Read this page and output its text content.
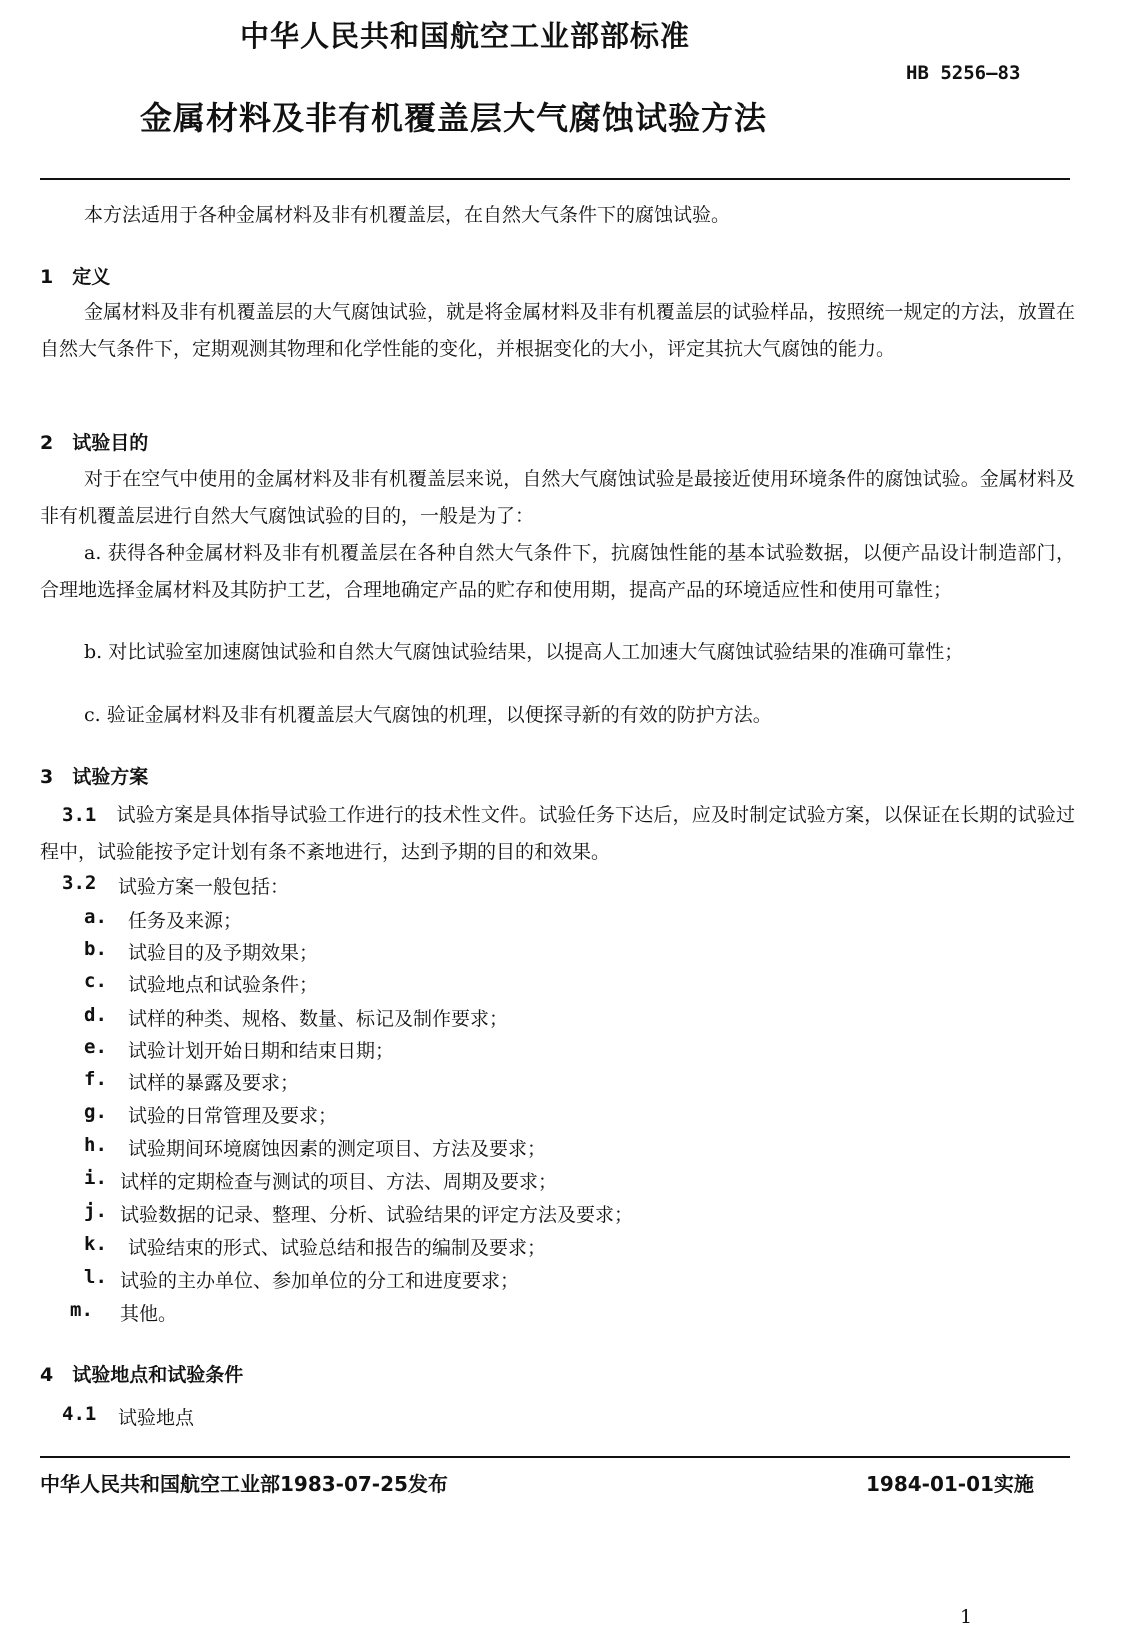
中华人民共和国航空工业部部标准
HB 5256—83
金属材料及非有机覆盖层大气腐蚀试验方法
本方法适用于各种金属材料及非有机覆盖层，在自然大气条件下的腐蚀试验。
1　定义
金属材料及非有机覆盖层的大气腐蚀试验，就是将金属材料及非有机覆盖层的试验样品，按照统一规定的方法，放置在自然大气条件下，定期观测其物理和化学性能的变化，并根据变化的大小，评定其抗大气腐蚀的能力。
2　试验目的
对于在空气中使用的金属材料及非有机覆盖层来说，自然大气腐蚀试验是最接近使用环境条件的腐蚀试验。金属材料及非有机覆盖层进行自然大气腐蚀试验的目的，一般是为了：
a. 获得各种金属材料及非有机覆盖层在各种自然大气条件下，抗腐蚀性能的基本试验数据，以便产品设计制造部门，合理地选择金属材料及其防护工艺，合理地确定产品的贮存和使用期，提高产品的环境适应性和使用可靠性；
b. 对比试验室加速腐蚀试验和自然大气腐蚀试验结果，以提高人工加速大气腐蚀试验结果的准确可靠性；
c. 验证金属材料及非有机覆盖层大气腐蚀的机理，以便探寻新的有效的防护方法。
3　试验方案
3.1 试验方案是具体指导试验工作进行的技术性文件。试验任务下达后，应及时制定试验方案，以保证在长期的试验过程中，试验能按予定计划有条不紊地进行，达到予期的目的和效果。
3.2 试验方案一般包括：
a. 任务及来源；
b. 试验目的及予期效果；
c. 试验地点和试验条件；
d. 试样的种类、规格、数量、标记及制作要求；
e. 试验计划开始日期和结束日期；
f. 试样的暴露及要求；
g. 试验的日常管理及要求；
h. 试验期间环境腐蚀因素的测定项目、方法及要求；
i. 试样的定期检查与测试的项目、方法、周期及要求；
j. 试验数据的记录、整理、分析、试验结果的评定方法及要求；
k. 试验结束的形式、试验总结和报告的编制及要求；
l. 试验的主办单位、参加单位的分工和进度要求；
m. 其他。
4　试验地点和试验条件
4.1 试验地点
中华人民共和国航空工业部1983-07-25发布	1984-01-01实施
1
